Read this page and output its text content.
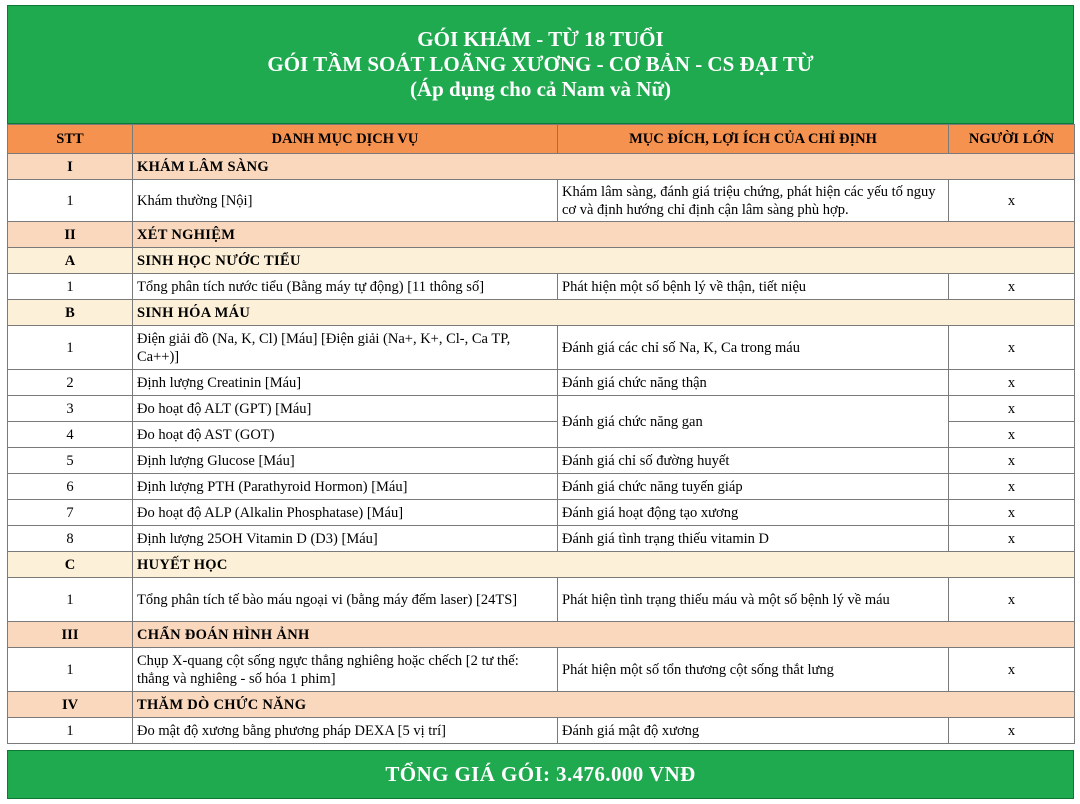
GÓI KHÁM - TỪ 18 TUỔI
GÓI TẦM SOÁT LOÃNG XƯƠNG - CƠ BẢN - CS ĐẠI TỪ
(Áp dụng cho cả Nam và Nữ)
STT	DANH MỤC DỊCH VỤ	MỤC ĐÍCH, LỢI ÍCH CỦA CHỈ ĐỊNH	NGƯỜI LỚN
I	KHÁM LÂM SÀNG		
1	Khám thường [Nội]	Khám lâm sàng, đánh giá triệu chứng, phát hiện các yếu tố nguy cơ và định hướng chỉ định cận lâm sàng phù hợp.	x
II	XÉT NGHIỆM		
A	SINH HỌC NƯỚC TIỂU		
1	Tổng phân tích nước tiểu (Bằng máy tự động) [11 thông số]	Phát hiện một số bệnh lý về thận, tiết niệu	x
B	SINH HÓA MÁU		
1	Điện giải đồ (Na, K, Cl) [Máu] [Điện giải (Na+, K+, Cl-, Ca TP, Ca++)]	Đánh giá các chỉ số Na, K, Ca trong máu	x
2	Định lượng Creatinin [Máu]	Đánh giá chức năng thận	x
3	Đo hoạt độ ALT (GPT) [Máu]	Đánh giá chức năng gan	x
4	Đo hoạt độ AST (GOT)		x
5	Định lượng Glucose [Máu]	Đánh giá chỉ số đường huyết	x
6	Định lượng PTH (Parathyroid Hormon) [Máu]	Đánh giá chức năng tuyến giáp	x
7	Đo hoạt độ ALP (Alkalin Phosphatase) [Máu]	Đánh giá hoạt động tạo xương	x
8	Định lượng 25OH Vitamin D (D3) [Máu]	Đánh giá tình trạng thiếu vitamin D	x
C	HUYẾT HỌC		
1	Tổng phân tích tế bào máu ngoại vi (bằng máy đếm laser) [24TS]	Phát hiện tình trạng thiếu máu và một số bệnh lý về máu	x
III	CHẨN ĐOÁN HÌNH ẢNH		
1	Chụp X-quang cột sống ngực thẳng nghiêng hoặc chếch [2 tư thế: thẳng và nghiêng - số hóa 1 phim]	Phát hiện một số tổn thương cột sống thắt lưng	x
IV	THĂM DÒ CHỨC NĂNG		
1	Đo mật độ xương bằng phương pháp DEXA [5 vị trí]	Đánh giá mật độ xương	x
TỔNG GIÁ GÓI: 3.476.000 VNĐ
